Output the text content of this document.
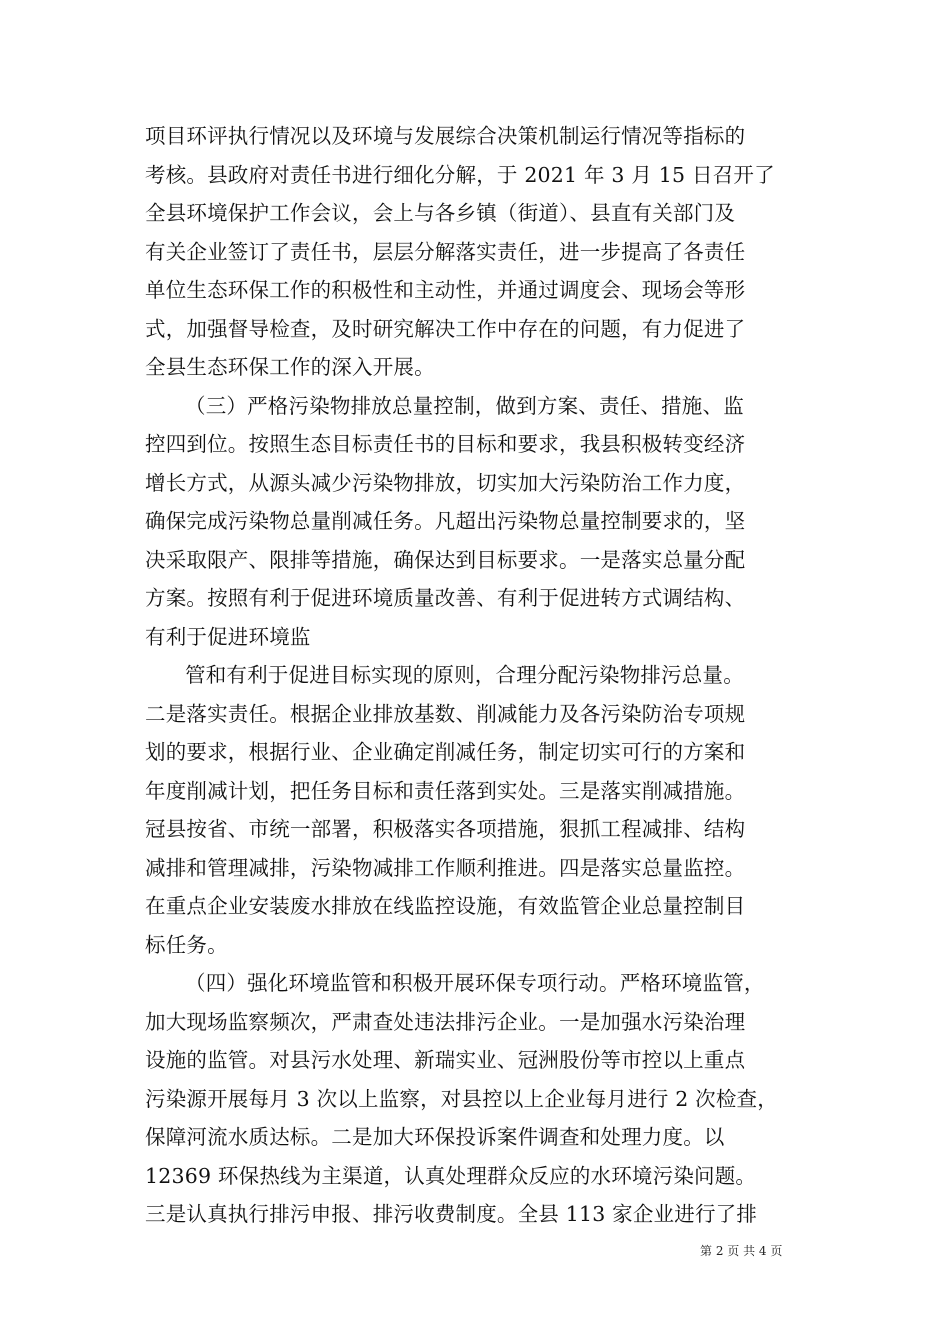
项目环评执行情况以及环境与发展综合决策机制运行情况等指标的
考核。县政府对责任书进行细化分解，于 2021 年 3 月 15 日召开了
全县环境保护工作会议，会上与各乡镇（街道）、县直有关部门及
有关企业签订了责任书，层层分解落实责任，进一步提高了各责任
单位生态环保工作的积极性和主动性，并通过调度会、现场会等形
式，加强督导检查，及时研究解决工作中存在的问题，有力促进了
全县生态环保工作的深入开展。
（三）严格污染物排放总量控制，做到方案、责任、措施、监
控四到位。按照生态目标责任书的目标和要求，我县积极转变经济
增长方式，从源头减少污染物排放，切实加大污染防治工作力度，
确保完成污染物总量削减任务。凡超出污染物总量控制要求的，坚
决采取限产、限排等措施，确保达到目标要求。一是落实总量分配
方案。按照有利于促进环境质量改善、有利于促进转方式调结构、
有利于促进环境监
管和有利于促进目标实现的原则，合理分配污染物排污总量。
二是落实责任。根据企业排放基数、削减能力及各污染防治专项规
划的要求，根据行业、企业确定削减任务，制定切实可行的方案和
年度削减计划，把任务目标和责任落到实处。三是落实削减措施。
冠县按省、市统一部署，积极落实各项措施，狠抓工程减排、结构
减排和管理减排，污染物减排工作顺利推进。四是落实总量监控。
在重点企业安装废水排放在线监控设施，有效监管企业总量控制目
标任务。
（四）强化环境监管和积极开展环保专项行动。严格环境监管，
加大现场监察频次，严肃查处违法排污企业。一是加强水污染治理
设施的监管。对县污水处理、新瑞实业、冠洲股份等市控以上重点
污染源开展每月 3 次以上监察，对县控以上企业每月进行 2 次检查，
保障河流水质达标。二是加大环保投诉案件调查和处理力度。以
12369 环保热线为主渠道，认真处理群众反应的水环境污染问题。
三是认真执行排污申报、排污收费制度。全县 113 家企业进行了排
第 2 页 共 4 页
